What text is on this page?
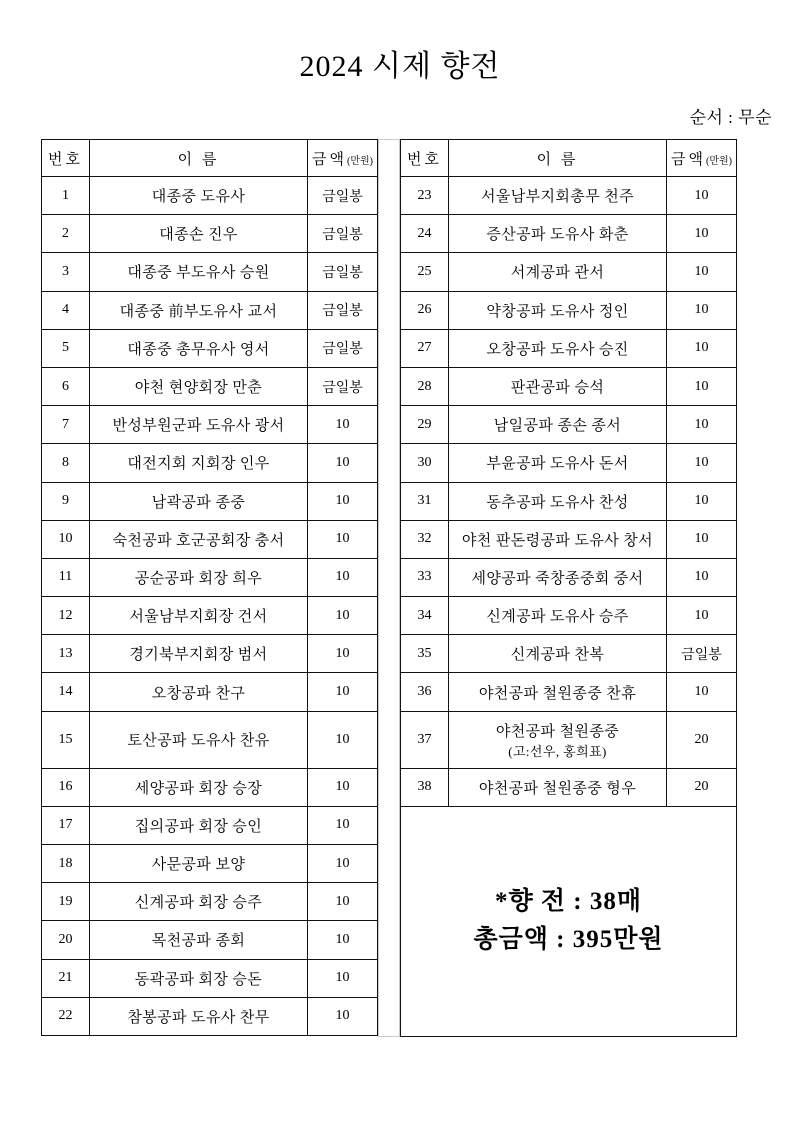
2024 시제 향전
순서 : 무순
번호	이 름	금액(만원)
1	대종중 도유사	금일봉
2	대종손 진우	금일봉
3	대종중 부도유사 승원	금일봉
4	대종중 前부도유사 교서	금일봉
5	대종중 총무유사 영서	금일봉
6	야천 현양회장 만춘	금일봉
7	반성부원군파 도유사 광서	10
8	대전지회 지회장 인우	10
9	남곽공파 종중	10
10	숙천공파 호군공회장 충서	10
11	공순공파 회장 희우	10
12	서울남부지회장 건서	10
13	경기북부지회장 범서	10
14	오창공파 찬구	10
15	토산공파 도유사 찬유	10
16	세양공파 회장 승장	10
17	집의공파 회장 승인	10
18	사문공파 보양	10
19	신계공파 회장 승주	10
20	목천공파 종회	10
21	동곽공파 회장 승돈	10
22	참봉공파 도유사 찬무	10
번호	이 름	금액(만원)
23	서울남부지회총무 천주	10
24	증산공파 도유사 화춘	10
25	서계공파 관서	10
26	약창공파 도유사 정인	10
27	오창공파 도유사 승진	10
28	판관공파 승석	10
29	남일공파 종손 종서	10
30	부윤공파 도유사 돈서	10
31	동추공파 도유사 찬성	10
32	야천 판돈령공파 도유사 창서	10
33	세양공파 죽창종중회 중서	10
34	신계공파 도유사 승주	10
35	신계공파 찬복	금일봉
36	야천공파 철원종중 찬휴	10
37	야천공파 철원종중
(고:선우, 홍희표)	20
38	야천공파 철원종중 형우	20

*향 전 : 38매
총금액 : 395만원		
